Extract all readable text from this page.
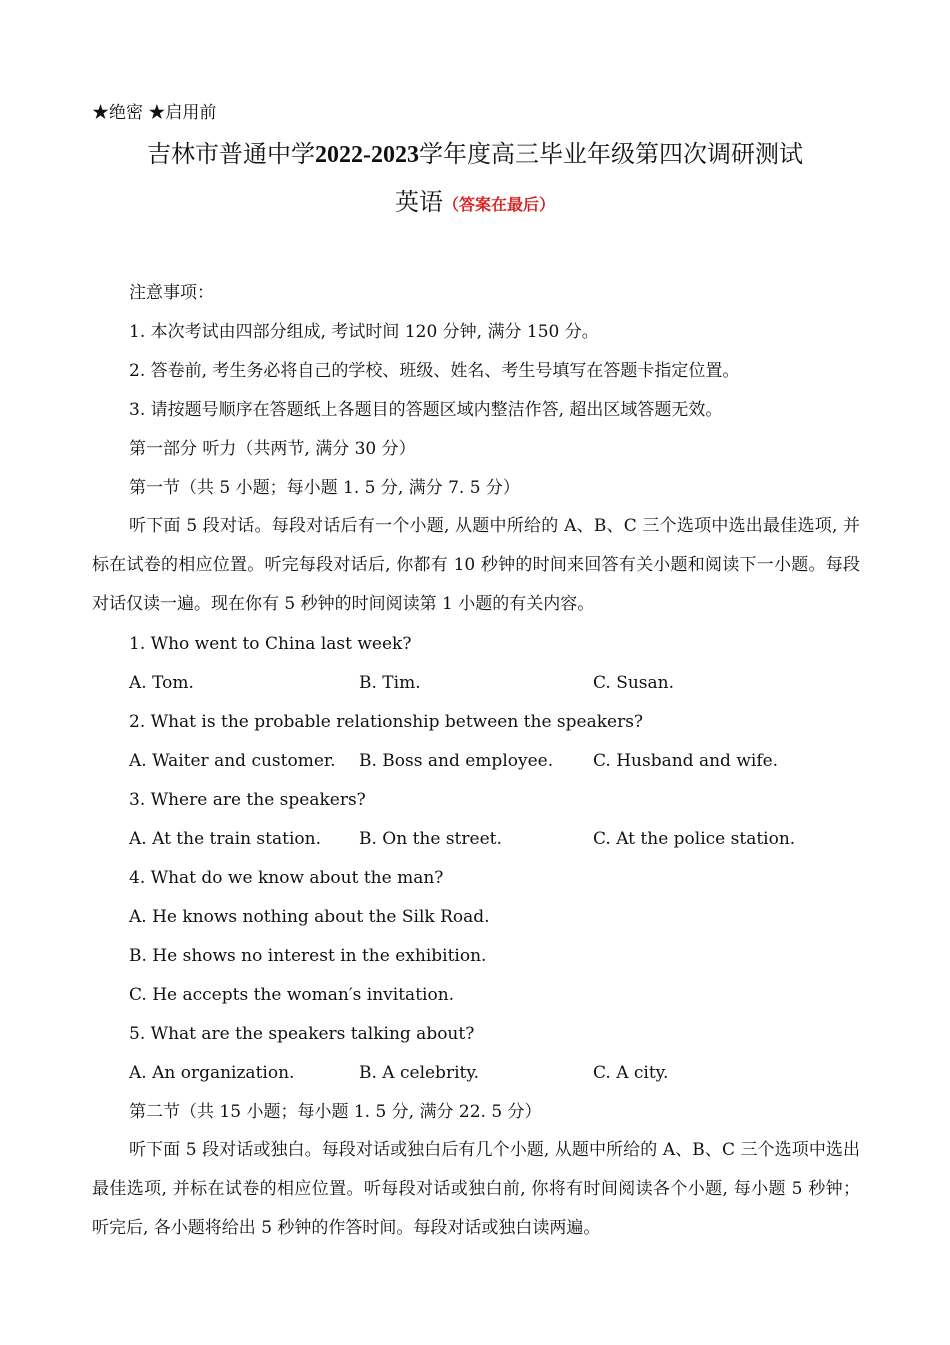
★绝密 ★启用前
吉林市普通中学2022-2023学年度高三毕业年级第四次调研测试
英语（答案在最后）
注意事项：
1. 本次考试由四部分组成, 考试时间 120 分钟, 满分 150 分。
2. 答卷前, 考生务必将自己的学校、班级、姓名、考生号填写在答题卡指定位置。
3. 请按题号顺序在答题纸上各题目的答题区域内整洁作答, 超出区域答题无效。
第一部分 听力（共两节, 满分 30 分）
第一节（共 5 小题；每小题 1. 5 分, 满分 7. 5 分）
听下面 5 段对话。每段对话后有一个小题, 从题中所给的 A、B、C 三个选项中选出最佳选项, 并标在试卷的相应位置。听完每段对话后, 你都有 10 秒钟的时间来回答有关小题和阅读下一小题。每段对话仅读一遍。现在你有 5 秒钟的时间阅读第 1 小题的有关内容。
1. Who went to China last week?
A. Tom.	B. Tim.	C. Susan.
2. What is the probable relationship between the speakers?
A. Waiter and customer. B. Boss and employee. C. Husband and wife.
3. Where are the speakers?
A. At the train station. B. On the street.	C. At the police station.
4. What do we know about the man?
A. He knows nothing about the Silk Road.
B. He shows no interest in the exhibition.
C. He accepts the woman′s invitation.
5. What are the speakers talking about?
A. An organization.	B. A celebrity.	C. A city.
第二节（共 15 小题；每小题 1. 5 分, 满分 22. 5 分）
听下面 5 段对话或独白。每段对话或独白后有几个小题, 从题中所给的 A、B、C 三个选项中选出最佳选项, 并标在试卷的相应位置。听每段对话或独白前, 你将有时间阅读各个小题, 每小题 5 秒钟；听完后, 各小题将给出 5 秒钟的作答时间。每段对话或独白读两遍。
